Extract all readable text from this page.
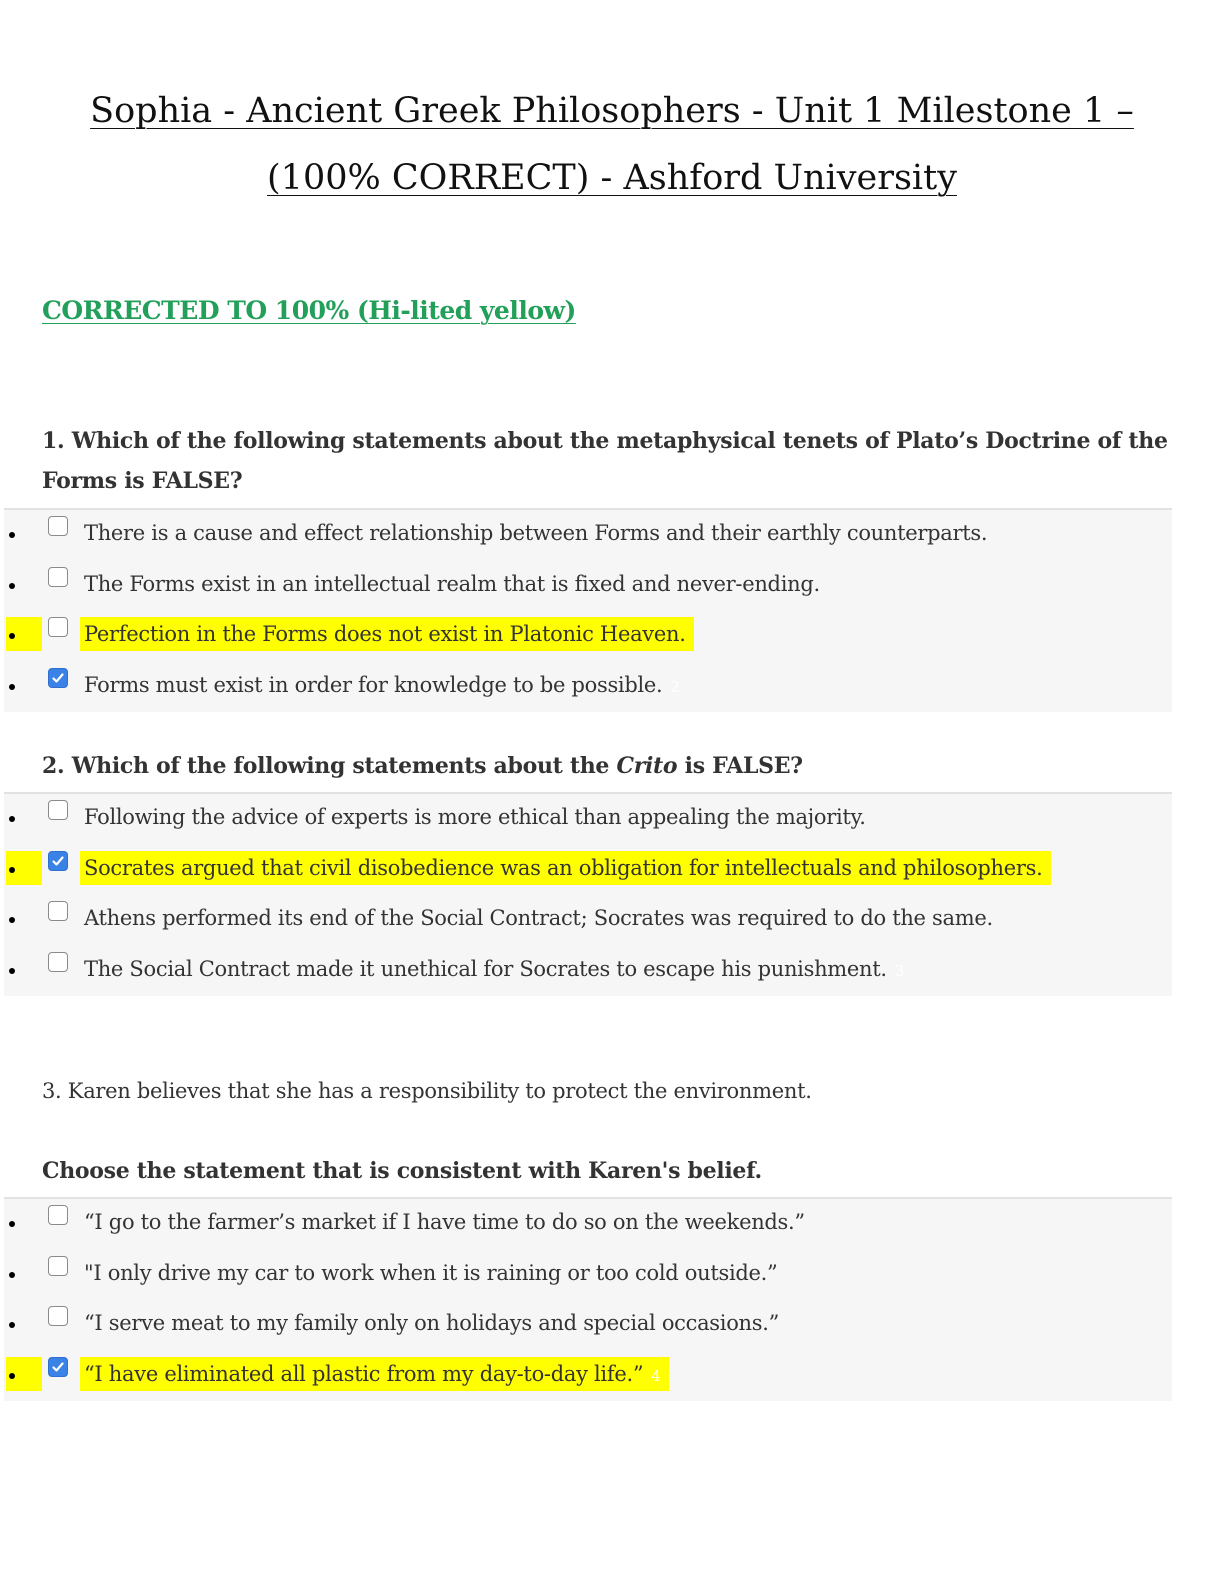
Sophia - Ancient Greek Philosophers - Unit 1 Milestone 1 –
(100% CORRECT) - Ashford University
CORRECTED TO 100% (Hi-lited yellow)
1. Which of the following statements about the metaphysical tenets of Plato’s Doctrine of the Forms is FALSE?
There is a cause and effect relationship between Forms and their earthly counterparts.
The Forms exist in an intellectual realm that is fixed and never-ending.
Perfection in the Forms does not exist in Platonic Heaven.
Forms must exist in order for knowledge to be possible. 2
2. Which of the following statements about the Crito is FALSE?
Following the advice of experts is more ethical than appealing the majority.
Socrates argued that civil disobedience was an obligation for intellectuals and philosophers.
Athens performed its end of the Social Contract; Socrates was required to do the same.
The Social Contract made it unethical for Socrates to escape his punishment. 3
3. Karen believes that she has a responsibility to protect the environment.
Choose the statement that is consistent with Karen's belief.
“I go to the farmer’s market if I have time to do so on the weekends.”
"I only drive my car to work when it is raining or too cold outside.”
“I serve meat to my family only on holidays and special occasions.”
“I have eliminated all plastic from my day-to-day life.” 4
